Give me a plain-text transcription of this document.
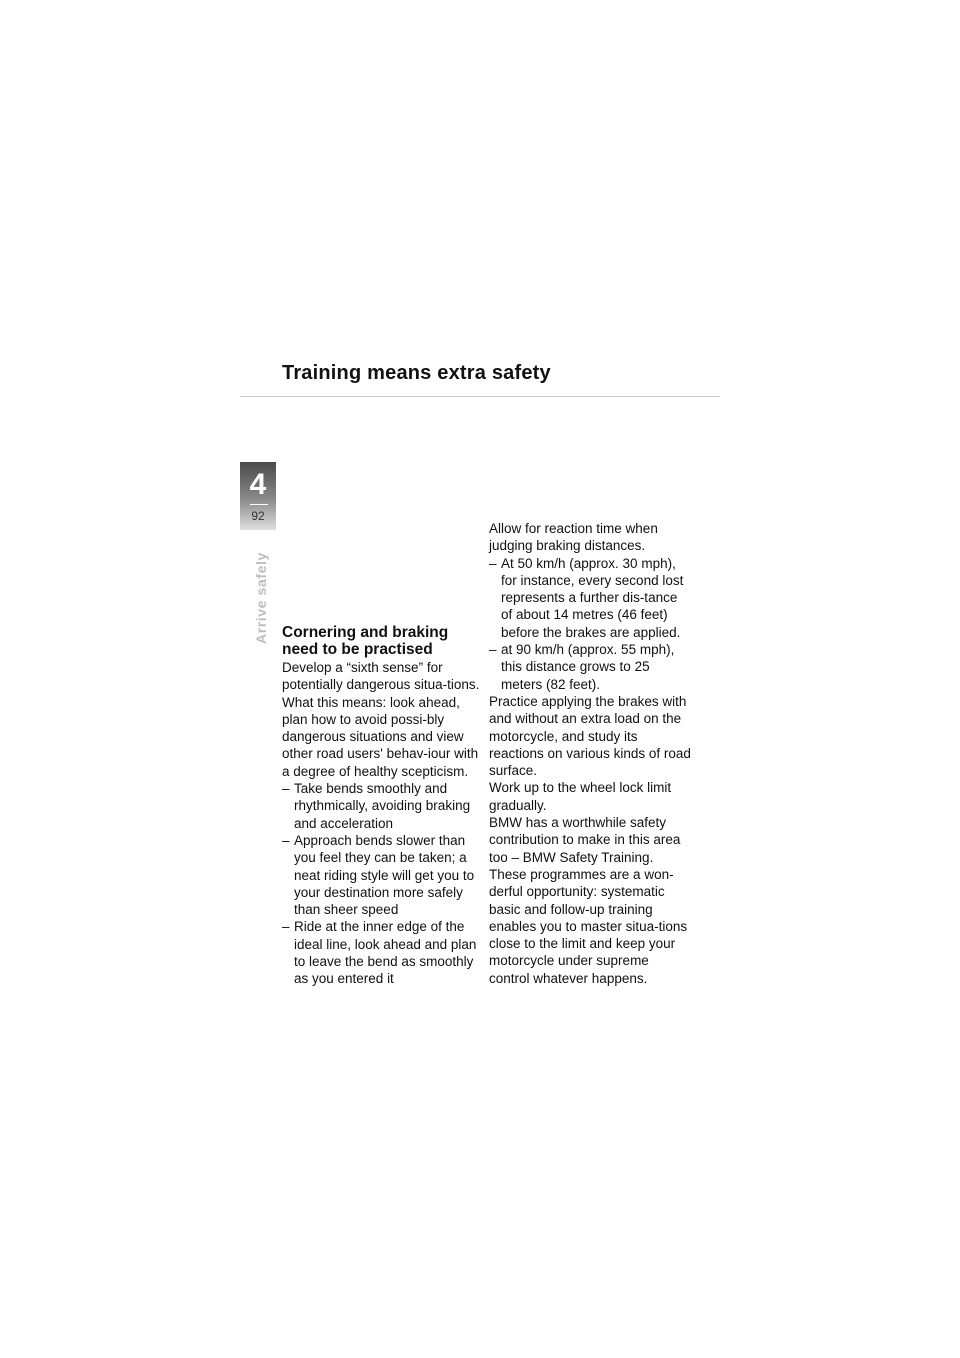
Training means extra safety
4
92
Arrive safely Cornering and braking
need to be practised

Develop a “sixth sense” for potentially dangerous situa-tions. What this means: look ahead, plan how to avoid possi-bly dangerous situations and view other road users' behav-iour with a degree of healthy scepticism.

– Take bends smoothly and rhythmically, avoiding braking and acceleration
– Approach bends slower than you feel they can be taken; a neat riding style will get you to your destination more safely than sheer speed
– Ride at the inner edge of the ideal line, look ahead and plan to leave the bend as smoothly as you entered it

Allow for reaction time when judging braking distances.

– At 50 km/h (approx. 30 mph), for instance, every second lost represents a further dis-tance of about 14 metres (46 feet) before the brakes are applied.
– at 90 km/h (approx. 55 mph), this distance grows to 25 meters (82 feet).

Practice applying the brakes with and without an extra load on the motorcycle, and study its reactions on various kinds of road surface.

Work up to the wheel lock limit gradually.

BMW has a worthwhile safety contribution to make in this area too – BMW Safety Training. These programmes are a won-derful opportunity: systematic basic and follow-up training enables you to master situa-tions close to the limit and keep your motorcycle under supreme control whatever happens.
